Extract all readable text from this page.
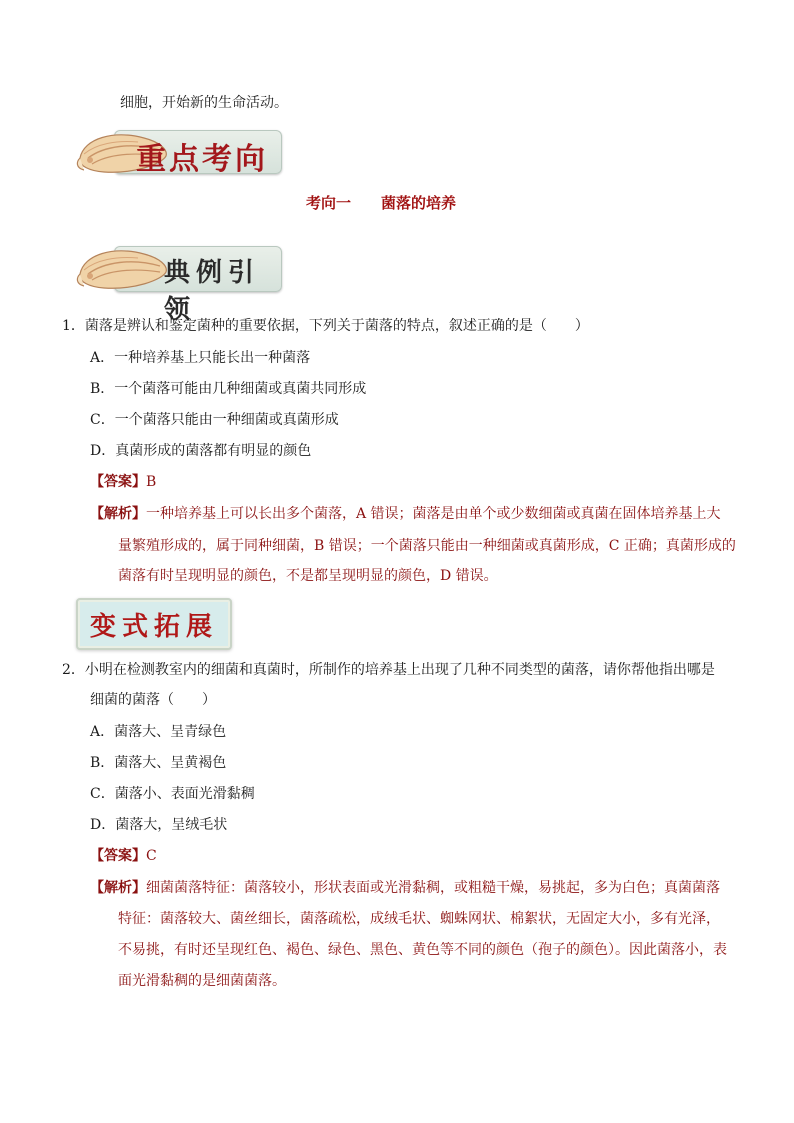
细胞，开始新的生命活动。
重点考向
考向一　　菌落的培养
典例引领
1．菌落是辨认和鉴定菌种的重要依据，下列关于菌落的特点，叙述正确的是（　　）
A．一种培养基上只能长出一种菌落
B．一个菌落可能由几种细菌或真菌共同形成
C．一个菌落只能由一种细菌或真菌形成
D．真菌形成的菌落都有明显的颜色
【答案】B
【解析】一种培养基上可以长出多个菌落，A 错误；菌落是由单个或少数细菌或真菌在固体培养基上大
量繁殖形成的，属于同种细菌，B 错误；一个菌落只能由一种细菌或真菌形成，C 正确；真菌形成的
菌落有时呈现明显的颜色，不是都呈现明显的颜色，D 错误。
变式拓展
2．小明在检测教室内的细菌和真菌时，所制作的培养基上出现了几种不同类型的菌落，请你帮他指出哪是
细菌的菌落（　　）
A．菌落大、呈青绿色
B．菌落大、呈黄褐色
C．菌落小、表面光滑黏稠
D．菌落大，呈绒毛状
【答案】C
【解析】细菌菌落特征：菌落较小，形状表面或光滑黏稠，或粗糙干燥，易挑起，多为白色；真菌菌落
特征：菌落较大、菌丝细长，菌落疏松，成绒毛状、蜘蛛网状、棉絮状，无固定大小，多有光泽，
不易挑，有时还呈现红色、褐色、绿色、黑色、黄色等不同的颜色（孢子的颜色）。因此菌落小，表
面光滑黏稠的是细菌菌落。
